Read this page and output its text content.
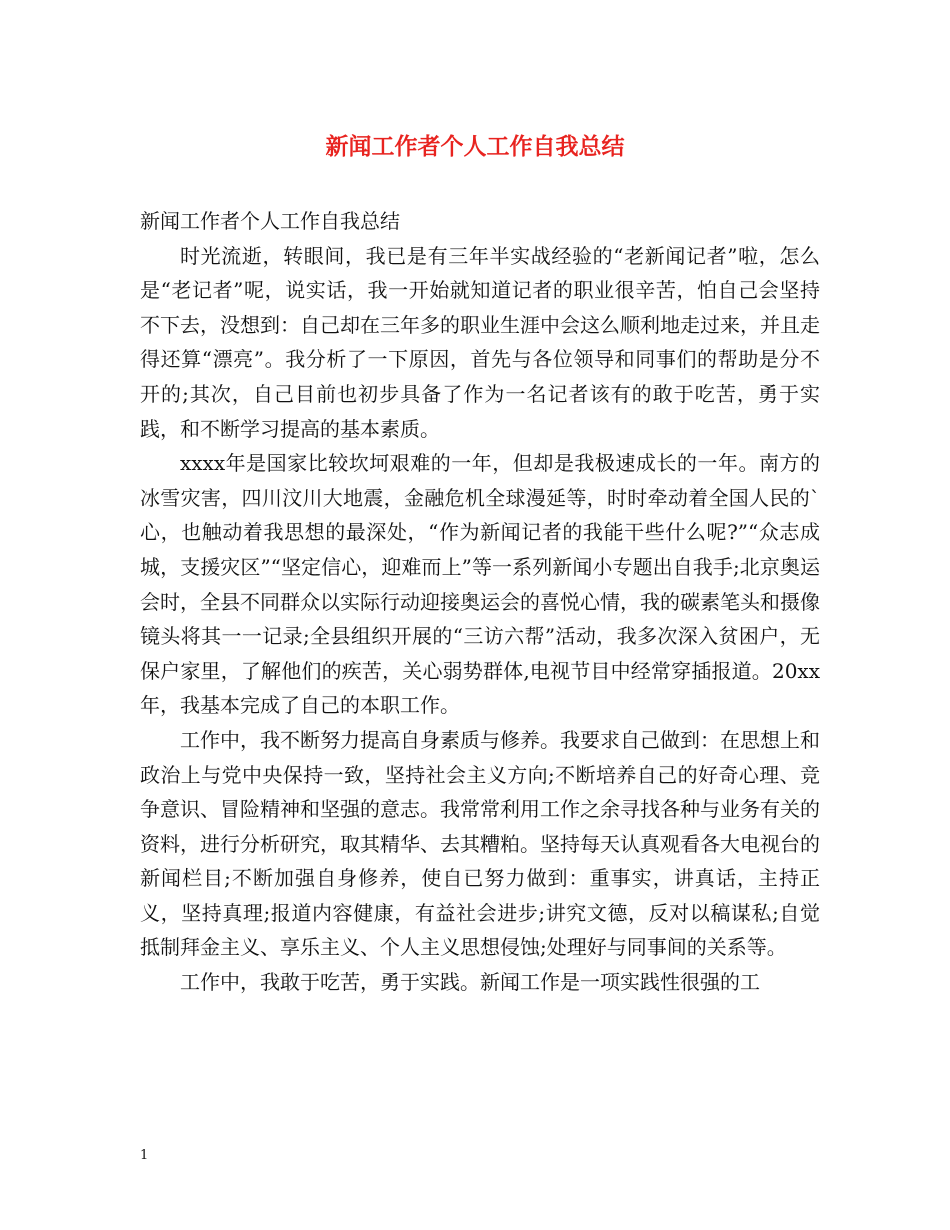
新闻工作者个人工作自我总结

新闻工作者个人工作自我总结

时光流逝，转眼间，我已是有三年半实战经验的“老新闻记者”啦，怎么是“老记者”呢，说实话，我一开始就知道记者的职业很辛苦，怕自己会坚持不下去，没想到：自己却在三年多的职业生涯中会这么顺利地走过来，并且走得还算“漂亮”。我分析了一下原因，首先与各位领导和同事们的帮助是分不开的;其次，自己目前也初步具备了作为一名记者该有的敢于吃苦，勇于实践，和不断学习提高的基本素质。

xxxx年是国家比较坎坷艰难的一年，但却是我极速成长的一年。南方的冰雪灾害，四川汶川大地震，金融危机全球漫延等，时时牵动着全国人民的`心，也触动着我思想的最深处，“作为新闻记者的我能干些什么呢?”“众志成城，支援灾区”“坚定信心，迎难而上”等一系列新闻小专题出自我手;北京奥运会时，全县不同群众以实际行动迎接奥运会的喜悦心情，我的碳素笔头和摄像镜头将其一一记录;全县组织开展的“三访六帮”活动，我多次深入贫困户，无保户家里，了解他们的疾苦，关心弱势群体,电视节目中经常穿插报道。20xx年，我基本完成了自己的本职工作。

工作中，我不断努力提高自身素质与修养。我要求自己做到：在思想上和政治上与党中央保持一致，坚持社会主义方向;不断培养自己的好奇心理、竞争意识、冒险精神和坚强的意志。我常常利用工作之余寻找各种与业务有关的资料，进行分析研究，取其精华、去其糟粕。坚持每天认真观看各大电视台的新闻栏目;不断加强自身修养，使自已努力做到：重事实，讲真话，主持正义，坚持真理;报道内容健康，有益社会进步;讲究文德，反对以稿谋私;自觉抵制拜金主义、享乐主义、个人主义思想侵蚀;处理好与同事间的关系等。

工作中，我敢于吃苦，勇于实践。新闻工作是一项实践性很强的工

1
